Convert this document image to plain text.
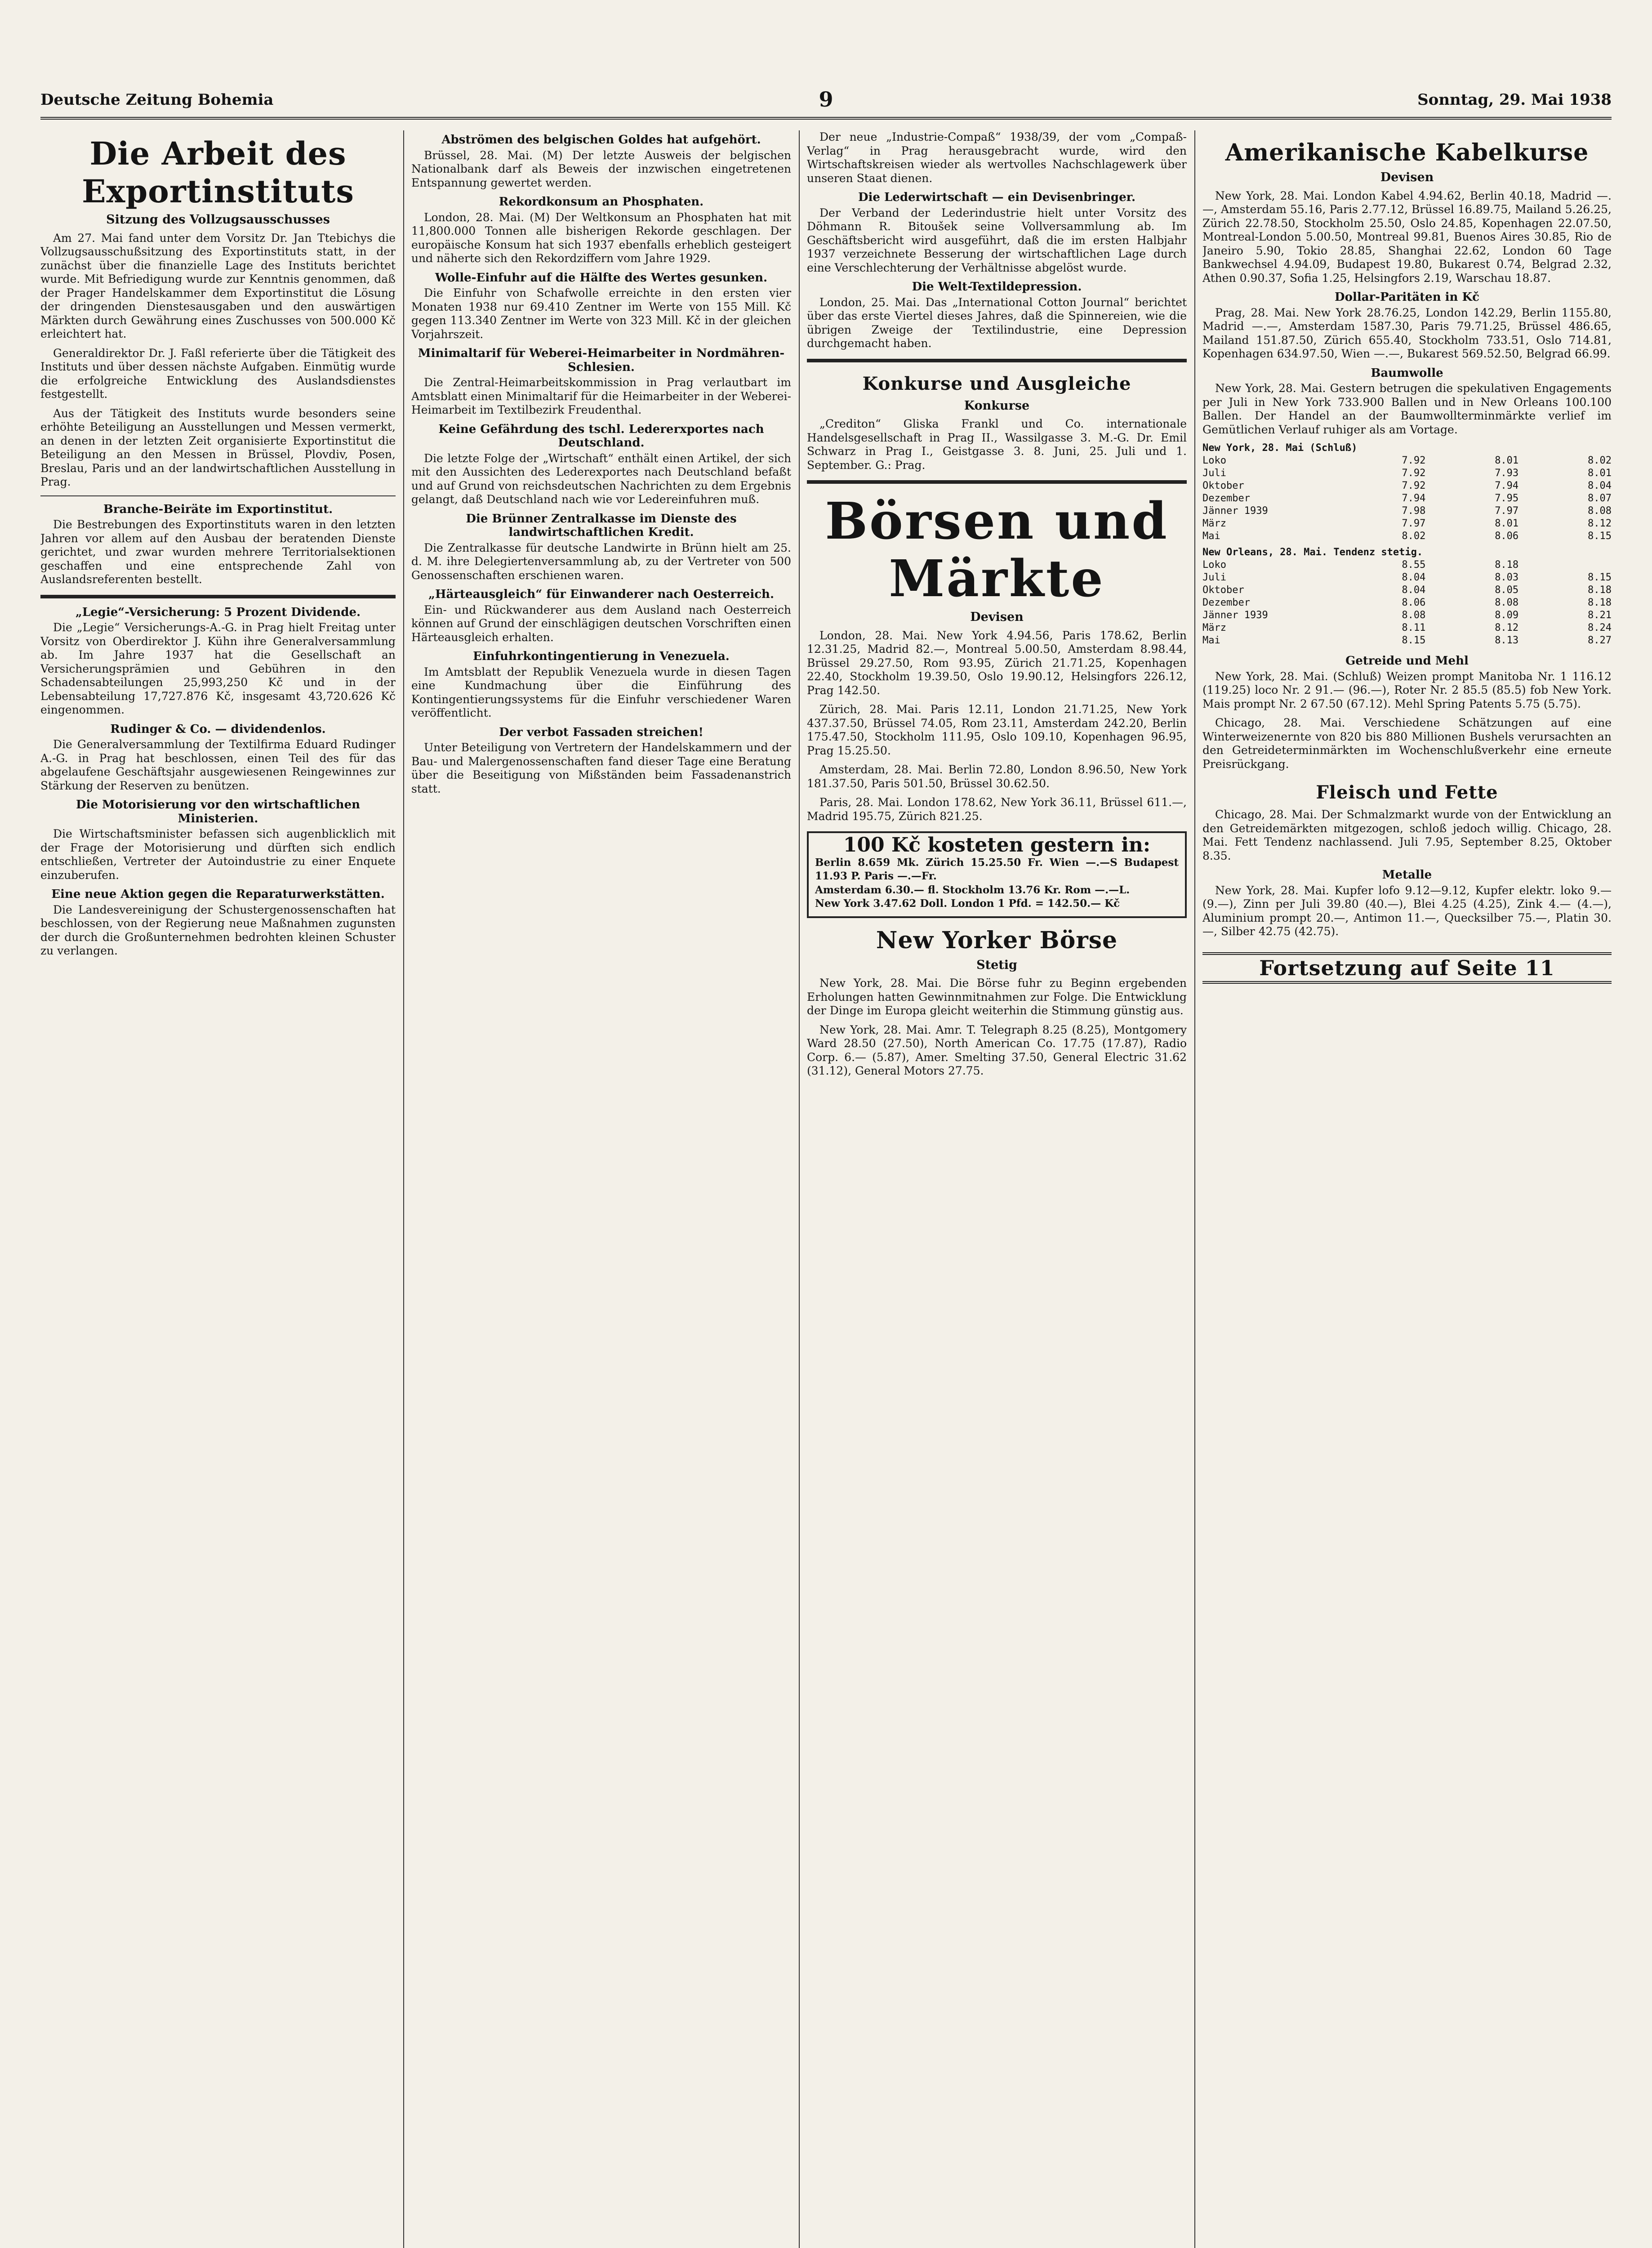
Deutsche Zeitung Bohemia	9	Sonntag, 29. Mai 1938
Die Arbeit des Exportinstituts
Sitzung des Vollzugsausschusses

Am 27. Mai fand unter dem Vorsitz Dr. Jan Ttebichys die Vollzugsausschußsitzung des Exportinstituts statt, in der zunächst über die finanzielle Lage des Instituts berichtet wurde. Mit Befriedigung wurde zur Kenntnis genommen, daß der Prager Handelskammer dem Exportinstitut die Lösung der dringenden Dienstesausgaben und den auswärtigen Märkten durch Gewährung eines Zuschusses von 500.000 Kč erleichtert hat.

Generaldirektor Dr. J. Faßl referierte über die Tätigkeit des Instituts und über dessen nächste Aufgaben. Einmütig wurde die erfolgreiche Entwicklung des Auslandsdienstes festgestellt.

Aus der Tätigkeit des Instituts wurde besonders seine erhöhte Beteiligung an Ausstellungen und Messen vermerkt, an denen in der letzten Zeit organisierte Exportinstitut die Beteiligung an den Messen in Brüssel, Plovdiv, Posen, Breslau, Paris und an der landwirtschaftlichen Ausstellung in Prag.

Branche-Beiräte im Exportinstitut.

Die Bestrebungen des Exportinstituts waren in den letzten Jahren vor allem auf den Ausbau der beratenden Dienste gerichtet, und zwar wurden mehrere Territorialsektionen geschaffen und eine entsprechende Zahl von Auslandsreferenten bestellt.

„Legie“-Versicherung: 5 Prozent Dividende.

Die „Legie“ Versicherungs-A.-G. in Prag hielt Freitag unter Vorsitz von Oberdirektor J. Kühn ihre Generalversammlung ab. Im Jahre 1937 hat die Gesellschaft an Versicherungsprämien und Gebühren in den Schadensabteilungen 25,993,250 Kč und in der Lebensabteilung 17,727.876 Kč, insgesamt 43,720.626 Kč eingenommen.

Rudinger & Co. — dividendenlos.

Die Generalversammlung der Textilfirma Eduard Rudinger A.-G. in Prag hat beschlossen, einen Teil des für das abgelaufene Geschäftsjahr ausgewiesenen Reingewinnes zur Stärkung der Reserven zu benützen.

Die Motorisierung vor den wirtschaftlichen Ministerien.

Die Wirtschaftsminister befassen sich augenblicklich mit der Frage der Motorisierung und dürften sich endlich entschließen, Vertreter der Autoindustrie zu einer Enquete einzuberufen.

Eine neue Aktion gegen die Reparaturwerkstätten.

Die Landesvereinigung der Schustergenossenschaften hat beschlossen, von der Regierung neue Maßnahmen zugunsten der durch die Großunternehmen bedrohten kleinen Schuster zu verlangen.

Abströmen des belgischen Goldes hat aufgehört.

Brüssel, 28. Mai. (M) Der letzte Ausweis der belgischen Nationalbank darf als Beweis der inzwischen eingetretenen Entspannung gewertet werden.

Rekordkonsum an Phosphaten.

London, 28. Mai. (M) Der Weltkonsum an Phosphaten hat mit 11,800.000 Tonnen alle bisherigen Rekorde geschlagen. Der europäische Konsum hat sich 1937 ebenfalls erheblich gesteigert und näherte sich den Rekordziffern vom Jahre 1929.

Wolle-Einfuhr auf die Hälfte des Wertes gesunken.

Die Einfuhr von Schafwolle erreichte in den ersten vier Monaten 1938 nur 69.410 Zentner im Werte von 155 Mill. Kč gegen 113.340 Zentner im Werte von 323 Mill. Kč in der gleichen Vorjahrszeit.

Minimaltarif für Weberei-Heimarbeiter in Nordmähren-Schlesien.

Die Zentral-Heimarbeitskommission in Prag verlautbart im Amtsblatt einen Minimaltarif für die Heimarbeiter in der Weberei-Heimarbeit im Textilbezirk Freudenthal.

Keine Gefährdung des tschl. Ledererxportes nach Deutschland.

Die letzte Folge der „Wirtschaft“ enthält einen Artikel, der sich mit den Aussichten des Lederexportes nach Deutschland befaßt und auf Grund von reichsdeutschen Nachrichten zu dem Ergebnis gelangt, daß Deutschland nach wie vor Ledereinfuhren muß.

Die Brünner Zentralkasse im Dienste des landwirtschaftlichen Kredit.

Die Zentralkasse für deutsche Landwirte in Brünn hielt am 25. d. M. ihre Delegiertenversammlung ab, zu der Vertreter von 500 Genossenschaften erschienen waren.

„Härteausgleich“ für Einwanderer nach Oesterreich.

Ein- und Rückwanderer aus dem Ausland nach Oesterreich können auf Grund der einschlägigen deutschen Vorschriften einen Härteausgleich erhalten.

Einfuhrkontingentierung in Venezuela.

Im Amtsblatt der Republik Venezuela wurde in diesen Tagen eine Kundmachung über die Einführung des Kontingentierungssystems für die Einfuhr verschiedener Waren veröffentlicht.

Der verbot Fassaden streichen!

Unter Beteiligung von Vertretern der Handelskammern und der Bau- und Malergenossenschaften fand dieser Tage eine Beratung über die Beseitigung von Mißständen beim Fassadenanstrich statt.

Der neue „Industrie-Compaß“ 1938/39, der vom „Compaß-Verlag“ in Prag herausgebracht wurde, wird den Wirtschaftskreisen wieder als wertvolles Nachschlagewerk über unseren Staat dienen.

Die Lederwirtschaft — ein Devisenbringer.

Der Verband der Lederindustrie hielt unter Vorsitz des Döhmann R. Bitoušek seine Vollversammlung ab. Im Geschäftsbericht wird ausgeführt, daß die im ersten Halbjahr 1937 verzeichnete Besserung der wirtschaftlichen Lage durch eine Verschlechterung der Verhältnisse abgelöst wurde.

Die Welt-Textildepression.

London, 25. Mai. Das „International Cotton Journal“ berichtet über das erste Viertel dieses Jahres, daß die Spinnereien, wie die übrigen Zweige der Textilindustrie, eine Depression durchgemacht haben.

Konkurse und Ausgleiche
Konkurse

„Crediton“ Gliska Frankl und Co. internationale Handelsgesellschaft in Prag II., Wassilgasse 3. M.-G. Dr. Emil Schwarz in Prag I., Geistgasse 3. 8. Juni, 25. Juli und 1. September. G.: Prag.

Börsen und Märkte
Devisen

London, 28. Mai. New York 4.94.56, Paris 178.62, Berlin 12.31.25, Madrid 82.—, Montreal 5.00.50, Amsterdam 8.98.44, Brüssel 29.27.50, Rom 93.95, Zürich 21.71.25, Kopenhagen 22.40, Stockholm 19.39.50, Oslo 19.90.12, Helsingfors 226.12, Prag 142.50.

Zürich, 28. Mai. Paris 12.11, London 21.71.25, New York 437.37.50, Brüssel 74.05, Rom 23.11, Amsterdam 242.20, Berlin 175.47.50, Stockholm 111.95, Oslo 109.10, Kopenhagen 96.95, Prag 15.25.50.

Amsterdam, 28. Mai. Berlin 72.80, London 8.96.50, New York 181.37.50, Paris 501.50, Brüssel 30.62.50.

Paris, 28. Mai. London 178.62, New York 36.11, Brüssel 611.—, Madrid 195.75, Zürich 821.25.

100 Kč kosteten gestern in:
Berlin 8.659 Mk. Zürich 15.25.50 Fr. Wien —.—S Budapest 11.93 P. Paris —.—Fr.
Amsterdam 6.30.— fl. Stockholm 13.76 Kr. Rom —.—L.
New York 3.47.62 Doll. London 1 Pfd. = 142.50.— Kč
New Yorker Börse
Stetig

New York, 28. Mai. Die Börse fuhr zu Beginn ergebenden Erholungen hatten Gewinnmitnahmen zur Folge. Die Entwicklung der Dinge im Europa gleicht weiterhin die Stimmung günstig aus.

New York, 28. Mai. Amr. T. Telegraph 8.25 (8.25), Montgomery Ward 28.50 (27.50), North American Co. 17.75 (17.87), Radio Corp. 6.— (5.87), Amer. Smelting 37.50, General Electric 31.62 (31.12), General Motors 27.75.

Amerikanische Kabelkurse
Devisen

New York, 28. Mai. London Kabel 4.94.62, Berlin 40.18, Madrid —.—, Amsterdam 55.16, Paris 2.77.12, Brüssel 16.89.75, Mailand 5.26.25, Zürich 22.78.50, Stockholm 25.50, Oslo 24.85, Kopenhagen 22.07.50, Montreal-London 5.00.50, Montreal 99.81, Buenos Aires 30.85, Rio de Janeiro 5.90, Tokio 28.85, Shanghai 22.62, London 60 Tage Bankwechsel 4.94.09, Budapest 19.80, Bukarest 0.74, Belgrad 2.32, Athen 0.90.37, Sofia 1.25, Helsingfors 2.19, Warschau 18.87.

Dollar-Paritäten in Kč

Prag, 28. Mai. New York 28.76.25, London 142.29, Berlin 1155.80, Madrid —.—, Amsterdam 1587.30, Paris 79.71.25, Brüssel 486.65, Mailand 151.87.50, Zürich 655.40, Stockholm 733.51, Oslo 714.81, Kopenhagen 634.97.50, Wien —.—, Bukarest 569.52.50, Belgrad 66.99.

Baumwolle

New York, 28. Mai. Gestern betrugen die spekulativen Engagements per Juli in New York 733.900 Ballen und in New Orleans 100.100 Ballen. Der Handel an der Baumwollterminmärkte verlief im Gemütlichen Verlauf ruhiger als am Vortage.

New York, 28. Mai (Schluß)
Loko	7.92	8.01	8.02
Juli	7.92	7.93	8.01
Oktober	7.92	7.94	8.04
Dezember	7.94	7.95	8.07
Jänner 1939	7.98	7.97	8.08
März	7.97	8.01	8.12
Mai	8.02	8.06	8.15
New Orleans, 28. Mai. Tendenz stetig.
Loko	8.55	8.18
Juli	8.04	8.03	8.15
Oktober	8.04	8.05	8.18
Dezember	8.06	8.08	8.18
Jänner 1939	8.08	8.09	8.21
März	8.11	8.12	8.24
Mai	8.15	8.13	8.27
Getreide und Mehl

New York, 28. Mai. (Schluß) Weizen prompt Manitoba Nr. 1 116.12 (119.25) loco Nr. 2 91.— (96.—), Roter Nr. 2 85.5 (85.5) fob New York. Mais prompt Nr. 2 67.50 (67.12). Mehl Spring Patents 5.75 (5.75).

Chicago, 28. Mai. Verschiedene Schätzungen auf eine Winterweizenernte von 820 bis 880 Millionen Bushels verursachten an den Getreideterminmärkten im Wochenschlußverkehr eine erneute Preisrückgang.

Fleisch und Fette

Chicago, 28. Mai. Der Schmalzmarkt wurde von der Entwicklung an den Getreidemärkten mitgezogen, schloß jedoch willig. Chicago, 28. Mai. Fett Tendenz nachlassend. Juli 7.95, September 8.25, Oktober 8.35.

Metalle

New York, 28. Mai. Kupfer lofo 9.12—9.12, Kupfer elektr. loko 9.— (9.—), Zinn per Juli 39.80 (40.—), Blei 4.25 (4.25), Zink 4.— (4.—), Aluminium prompt 20.—, Antimon 11.—, Quecksilber 75.—, Platin 30.—, Silber 42.75 (42.75).

Fortsetzung auf Seite 11
